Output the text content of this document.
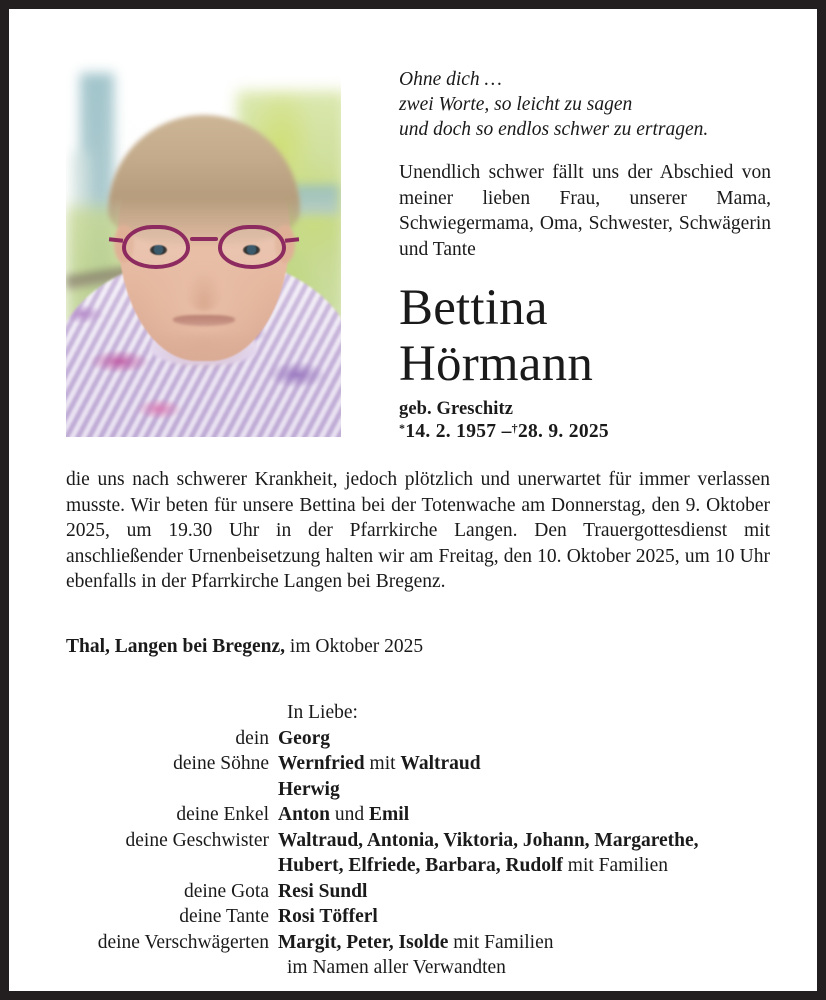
Ohne dich …
zwei Worte, so leicht zu sagen
und doch so endlos schwer zu ertragen.

Unendlich schwer fällt uns der Abschied von meiner lieben Frau, unserer Mama, Schwiegermama, Oma, Schwester, Schwägerin und Tante

Bettina
Hörmann

geb. Greschitz

*14. 2. 1957 –†28. 9. 2025

die uns nach schwerer Krankheit, jedoch plötzlich und unerwartet für immer verlassen musste. Wir beten für unsere Bettina bei der Totenwache am Donnerstag, den 9. Oktober 2025, um 19.30 Uhr in der Pfarrkirche Langen. Den Trauergottesdienst mit anschließender Urnenbeisetzung halten wir am Freitag, den 10. Oktober 2025, um 10 Uhr ebenfalls in der Pfarrkirche Langen bei Bregenz.

Thal, Langen bei Bregenz, im Oktober 2025

In Liebe:
dein Georg
deine Söhne Wernfried mit Waltraud
Herwig
deine Enkel Anton und Emil
deine Geschwister Waltraud, Antonia, Viktoria, Johann, Margarethe,
Hubert, Elfriede, Barbara, Rudolf mit Familien
deine Gota Resi Sundl
deine Tante Rosi Töfferl
deine Verschwägerten Margit, Peter, Isolde mit Familien
im Namen aller Verwandten
